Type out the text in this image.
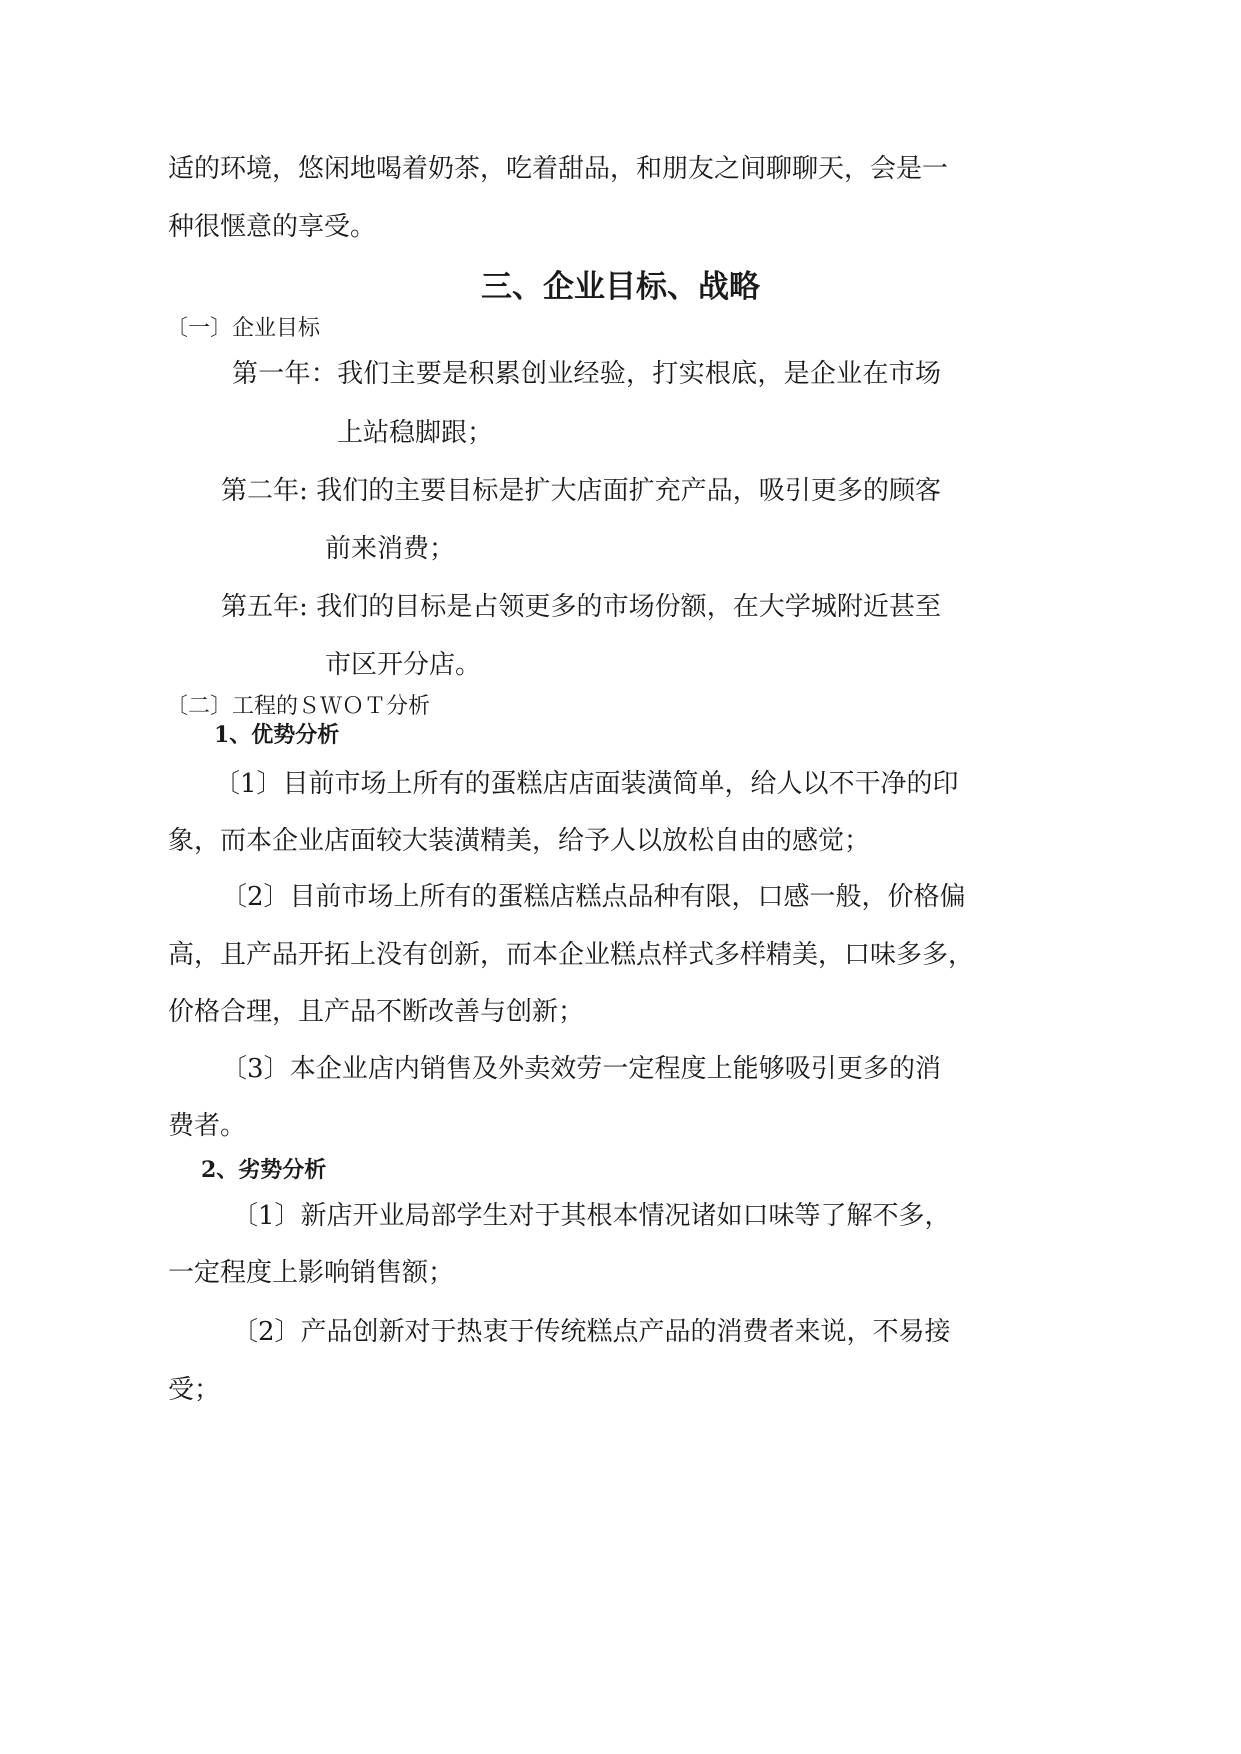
适的环境，悠闲地喝着奶茶，吃着甜品，和朋友之间聊聊天，会是一
种很惬意的享受。
三、企业目标、战略
〔一〕企业目标
第一年：我们主要是积累创业经验，打实根底，是企业在市场
上站稳脚跟；
第二年: 我们的主要目标是扩大店面扩充产品，吸引更多的顾客
前来消费；
第五年: 我们的目标是占领更多的市场份额，在大学城附近甚至
市区开分店。
〔二〕工程的ＳＷＯＴ分析
1、优势分析
〔1〕目前市场上所有的蛋糕店店面装潢简单，给人以不干净的印
象，而本企业店面较大装潢精美，给予人以放松自由的感觉；
〔2〕目前市场上所有的蛋糕店糕点品种有限，口感一般，价格偏
高，且产品开拓上没有创新，而本企业糕点样式多样精美，口味多多，
价格合理，且产品不断改善与创新；
〔3〕本企业店内销售及外卖效劳一定程度上能够吸引更多的消
费者。
2、劣势分析
〔1〕新店开业局部学生对于其根本情况诸如口味等了解不多，
一定程度上影响销售额；
〔2〕产品创新对于热衷于传统糕点产品的消费者来说，不易接
受；
